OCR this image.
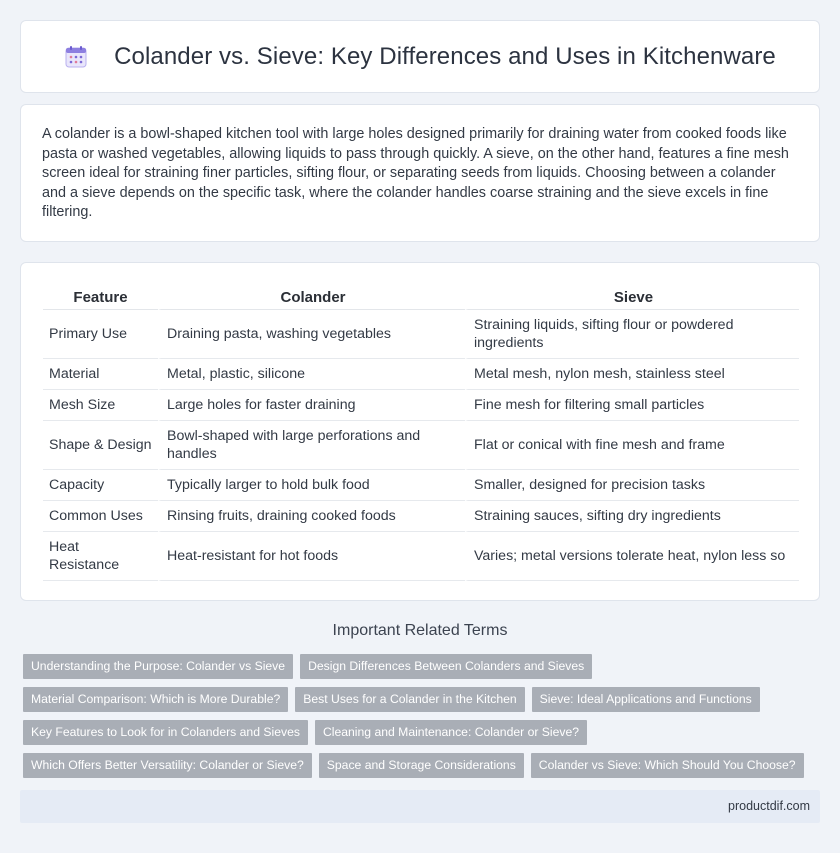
Colander vs. Sieve: Key Differences and Uses in Kitchenware

A colander is a bowl-shaped kitchen tool with large holes designed primarily for draining water from cooked foods like pasta or washed vegetables, allowing liquids to pass through quickly. A sieve, on the other hand, features a fine mesh screen ideal for straining finer particles, sifting flour, or separating seeds from liquids. Choosing between a colander and a sieve depends on the specific task, where the colander handles coarse straining and the sieve excels in fine filtering.

Feature	Colander	Sieve
Primary Use	Draining pasta, washing vegetables	Straining liquids, sifting flour or powdered ingredients
Material	Metal, plastic, silicone	Metal mesh, nylon mesh, stainless steel
Mesh Size	Large holes for faster draining	Fine mesh for filtering small particles
Shape & Design	Bowl-shaped with large perforations and handles	Flat or conical with fine mesh and frame
Capacity	Typically larger to hold bulk food	Smaller, designed for precision tasks
Common Uses	Rinsing fruits, draining cooked foods	Straining sauces, sifting dry ingredients
Heat Resistance	Heat-resistant for hot foods	Varies; metal versions tolerate heat, nylon less so
Important Related Terms
Understanding the Purpose: Colander vs Sieve	Design Differences Between Colanders and Sieves
Material Comparison: Which is More Durable?	Best Uses for a Colander in the Kitchen	Sieve: Ideal Applications and Functions
Key Features to Look for in Colanders and Sieves	Cleaning and Maintenance: Colander or Sieve?
Which Offers Better Versatility: Colander or Sieve?	Space and Storage Considerations	Colander vs Sieve: Which Should You Choose?
productdif.com
